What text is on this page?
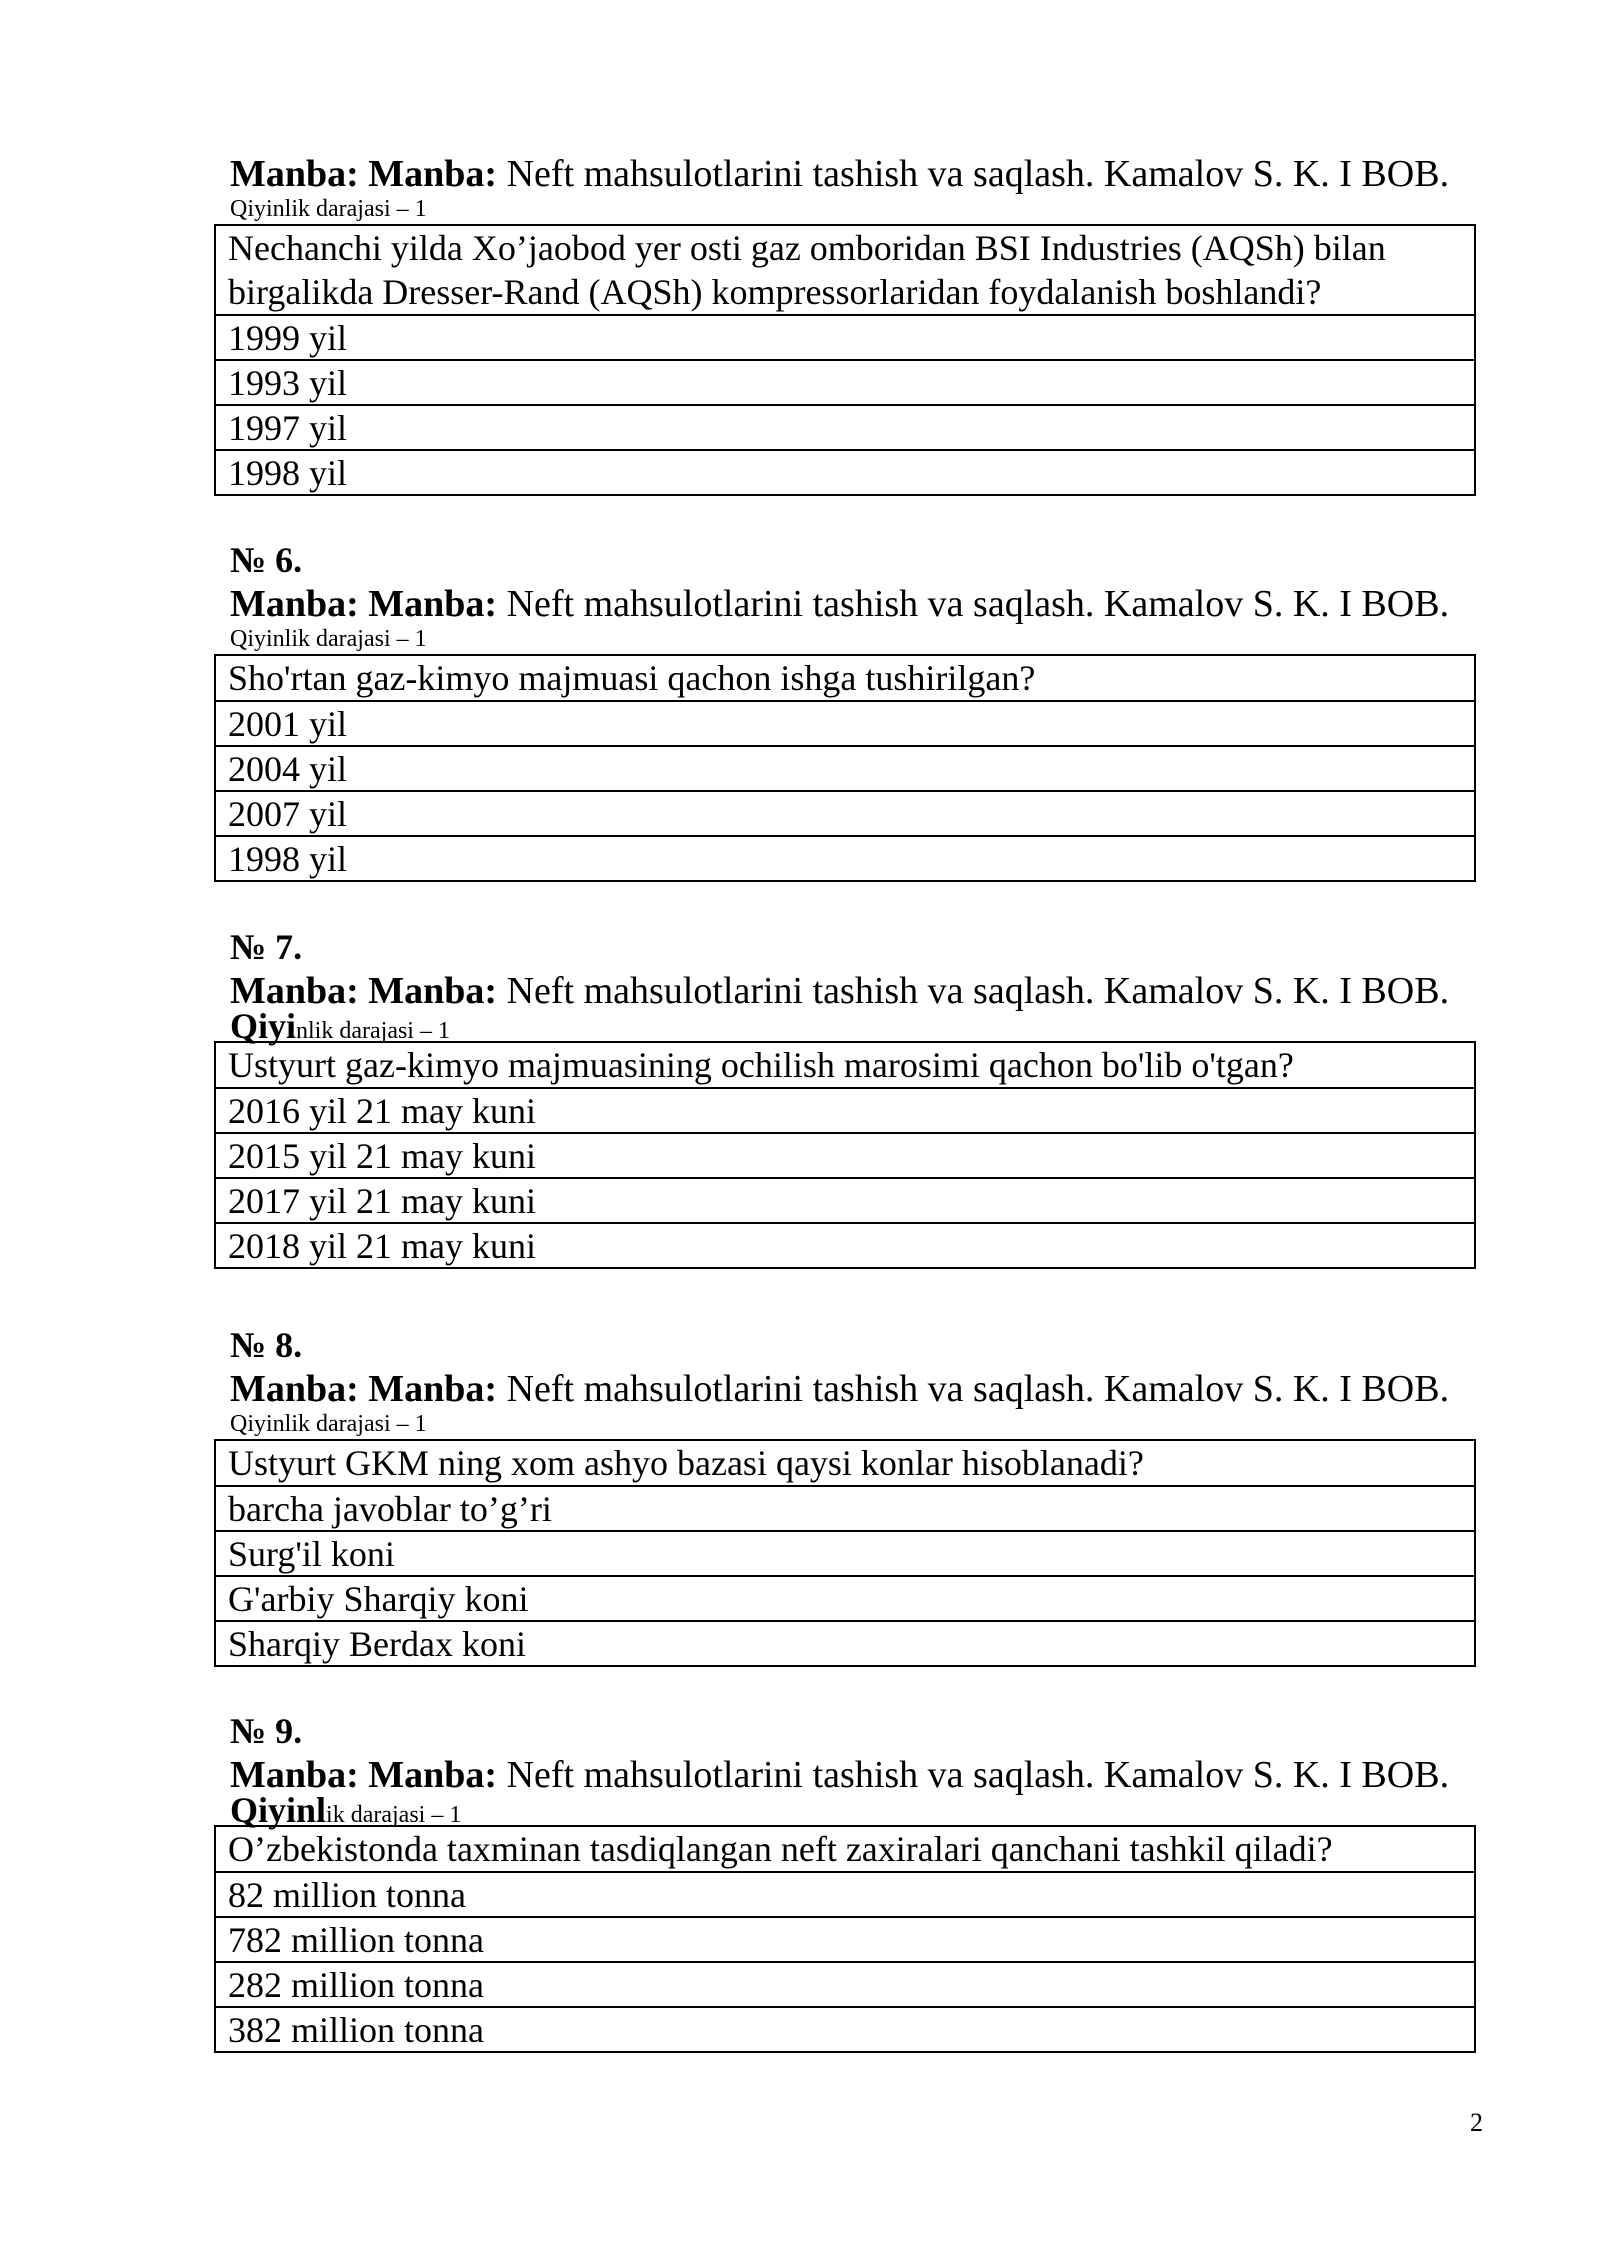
Manba: Manba: Neft mahsulotlarini tashish va saqlash. Kamalov S. K. I BOB.
Qiyinlik darajasi – 1
Nechanchi yilda Xo’jaobod yer osti gaz omboridan BSI Industries (AQSh) bilan birgalikda Dresser-Rand (AQSh) kompressorlaridan foydalanish boshlandi?
1999 yil
1993 yil
1997 yil
1998 yil
№ 6.
Manba: Manba: Neft mahsulotlarini tashish va saqlash. Kamalov S. K. I BOB.
Qiyinlik darajasi – 1
Sho'rtan gaz-kimyo majmuasi qachon ishga tushirilgan?
2001 yil
2004 yil
2007 yil
1998 yil
№ 7.
Manba: Manba: Neft mahsulotlarini tashish va saqlash. Kamalov S. K. I BOB.
Qiyinlik darajasi – 1
Ustyurt gaz-kimyo majmuasining ochilish marosimi qachon bo'lib o'tgan?
2016 yil 21 may kuni
2015 yil 21 may kuni
2017 yil 21 may kuni
2018 yil 21 may kuni
№ 8.
Manba: Manba: Neft mahsulotlarini tashish va saqlash. Kamalov S. K. I BOB.
Qiyinlik darajasi – 1
Ustyurt GKM ning xom ashyo bazasi qaysi konlar hisoblanadi?
barcha javoblar to’g’ri
Surg'il koni
G'arbiy Sharqiy koni
Sharqiy Berdax koni
№ 9.
Manba: Manba: Neft mahsulotlarini tashish va saqlash. Kamalov S. K. I BOB.
Qiyinlik darajasi – 1
O’zbekistonda taxminan tasdiqlangan neft zaxiralari qanchani tashkil qiladi?
82 million tonna
782 million tonna
282 million tonna
382 million tonna
2
